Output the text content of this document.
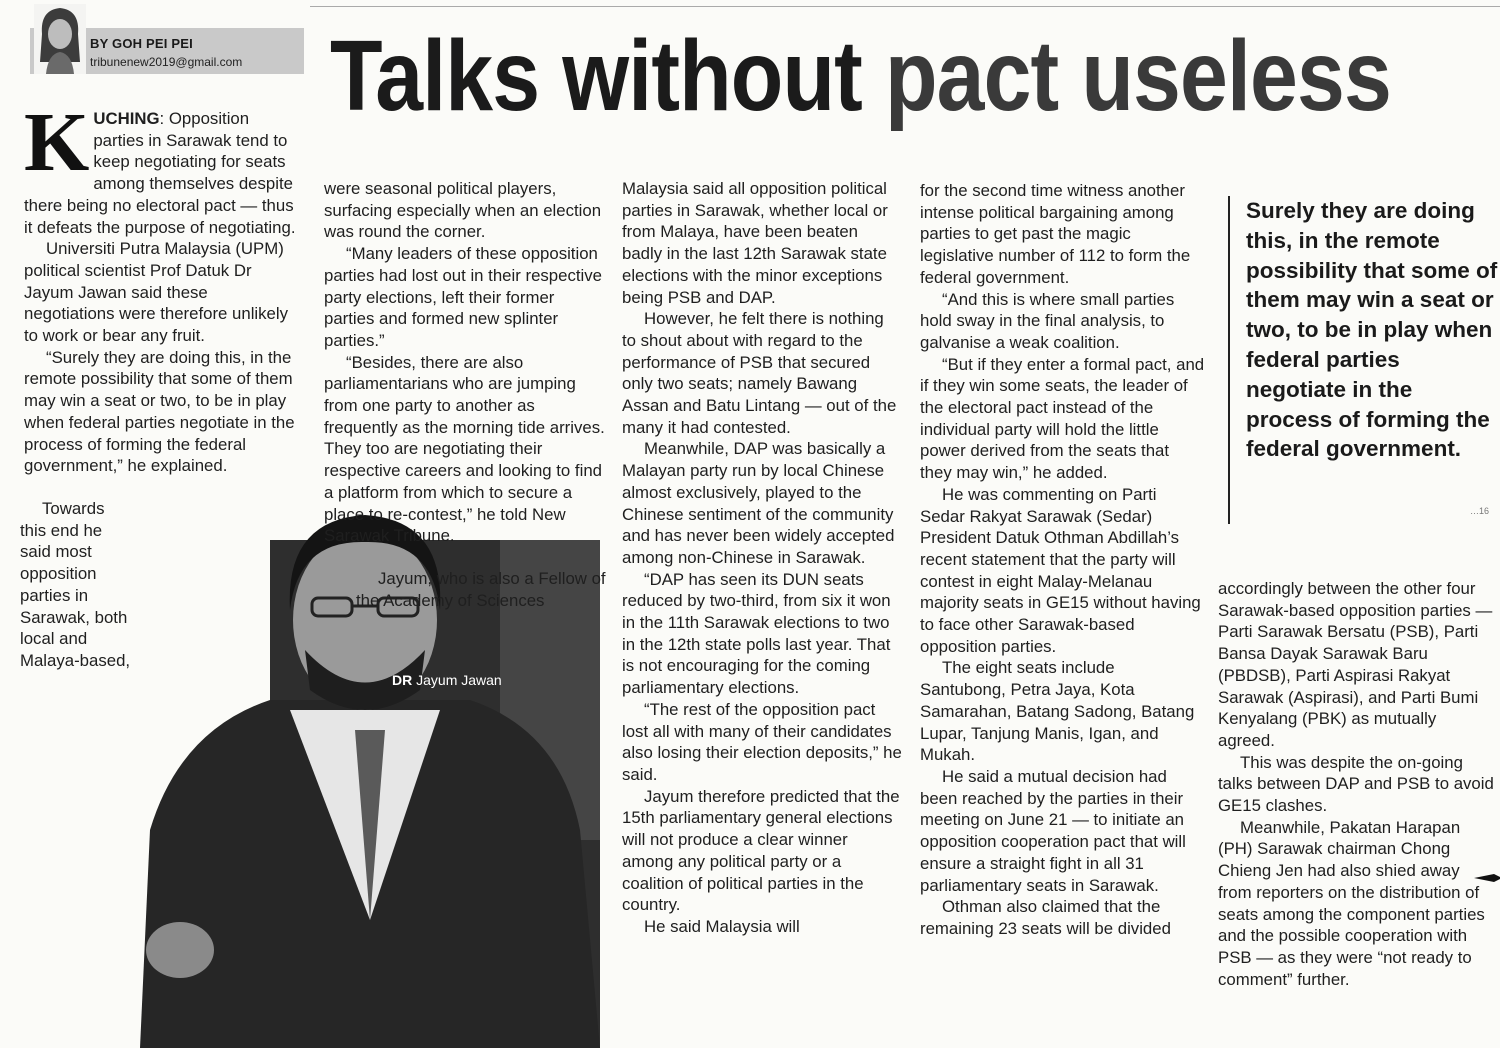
BY GOH PEI PEI
tribunenew2019@gmail.com Talks without pact useless
DR Jayum Jawan

KUCHING: Opposition parties in Sarawak tend to keep negotiating for seats among themselves despite there being no electoral pact — thus it defeats the purpose of negotiating.

Universiti Putra Malaysia (UPM) political scientist Prof Datuk Dr Jayum Jawan said these negotiations were therefore unlikely to work or bear any fruit.

“Surely they are doing this, in the remote possibility that some of them may win a seat or two, to be in play when federal parties negotiate in the process of forming the federal government,” he explained.

Towards this end he said most opposition parties in Sarawak, both local and Malaya-based,

were seasonal political players, surfacing especially when an election was round the corner.

“Many leaders of these opposition parties had lost out in their respective party elections, left their former parties and formed new splinter parties.”

“Besides, there are also parliamentarians who are jumping from one party to another as frequently as the morning tide arrives. They too are negotiating their respective careers and looking to find a platform from which to secure a place to re-contest,” he told New Sarawak Tribune.

Jayum, who is also a Fellow of the Academy of Sciences

Malaysia said all opposition political parties in Sarawak, whether local or from Malaya, have been beaten badly in the last 12th Sarawak state elections with the minor exceptions being PSB and DAP.

However, he felt there is nothing to shout about with regard to the performance of PSB that secured only two seats; namely Bawang Assan and Batu Lintang — out of the many it had contested.

Meanwhile, DAP was basically a Malayan party run by local Chinese almost exclusively, played to the Chinese sentiment of the community and has never been widely accepted among non-Chinese in Sarawak.

“DAP has seen its DUN seats reduced by two-third, from six it won in the 11th Sarawak elections to two in the 12th state polls last year. That is not encouraging for the coming parliamentary elections.

“The rest of the opposition pact lost all with many of their candidates also losing their election deposits,” he said.

Jayum therefore predicted that the 15th parliamentary general elections will not produce a clear winner among any political party or a coalition of political parties in the country.

He said Malaysia will

for the second time witness another intense political bargaining among parties to get past the magic legislative number of 112 to form the federal government.

“And this is where small parties hold sway in the final analysis, to galvanise a weak coalition.

“But if they enter a formal pact, and if they win some seats, the leader of the electoral pact instead of the individual party will hold the little power derived from the seats that they may win,” he added.

He was commenting on Parti Sedar Rakyat Sarawak (Sedar) President Datuk Othman Abdillah’s recent statement that the party will contest in eight Malay-Melanau majority seats in GE15 without having to face other Sarawak-based opposition parties.

The eight seats include Santubong, Petra Jaya, Kota Samarahan, Batang Sadong, Batang Lupar, Tanjung Manis, Igan, and Mukah.

He said a mutual decision had been reached by the parties in their meeting on June 21 — to initiate an opposition cooperation pact that will ensure a straight fight in all 31 parliamentary seats in Sarawak.

Othman also claimed that the remaining 23 seats will be divided

Surely they are doing this, in the remote possibility that some of them may win a seat or two, to be in play when federal parties negotiate in the process of forming the federal government.
…16

accordingly between the other four Sarawak-based opposition parties — Parti Sarawak Bersatu (PSB), Parti Bansa Dayak Sarawak Baru (PBDSB), Parti Aspirasi Rakyat Sarawak (Aspirasi), and Parti Bumi Kenyalang (PBK) as mutually agreed.

This was despite the on-going talks between DAP and PSB to avoid GE15 clashes.

Meanwhile, Pakatan Harapan (PH) Sarawak chairman Chong Chieng Jen had also shied away from reporters on the distribution of seats among the component parties and the possible cooperation with PSB — as they were “not ready to comment” further.
